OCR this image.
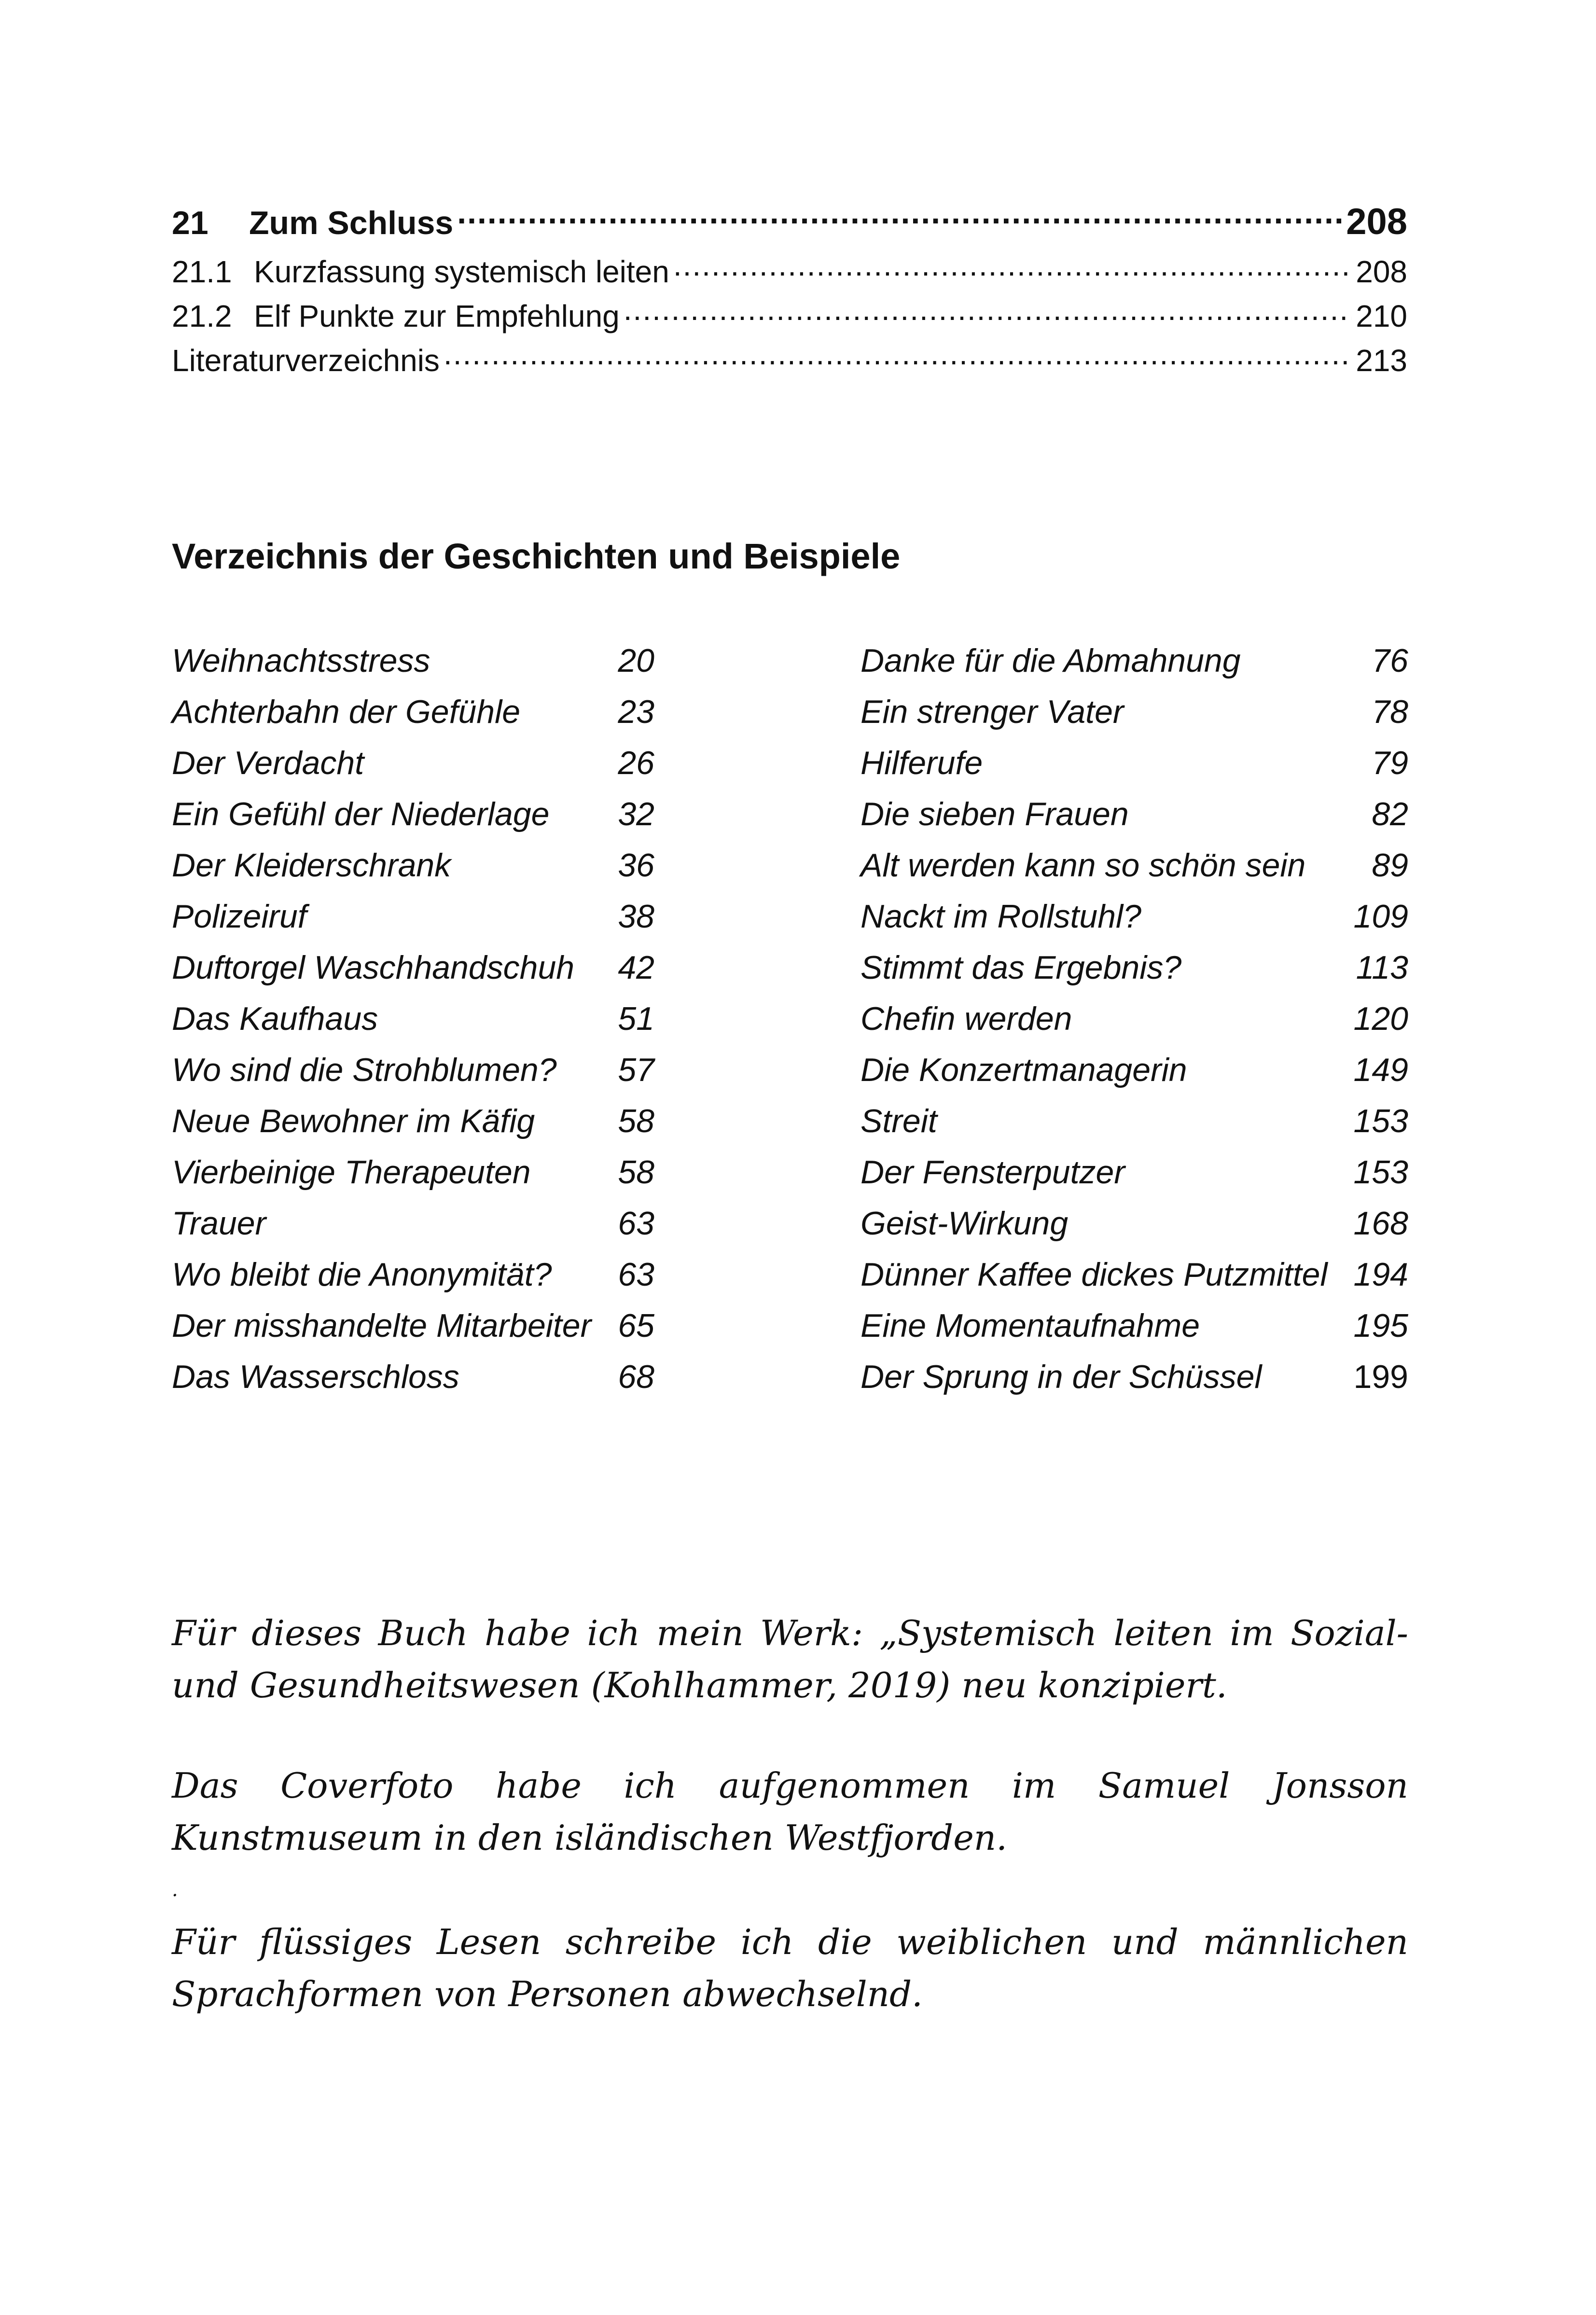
21	Zum Schluss .....	208
21.1 Kurzfassung systemisch leiten .....	208
21.2 Elf Punkte zur Empfehlung .....	210
Literaturverzeichnis .....	213
Verzeichnis der Geschichten und Beispiele
Weihnachtsstress	20
Achterbahn der Gefühle	23
Der Verdacht	26
Ein Gefühl der Niederlage 32
Der Kleiderschrank	36
Polizeiruf	38
Duftorgel Waschhandschuh 42
Das Kaufhaus	51
Wo sind die Strohblumen? 57
Neue Bewohner im Käfig	58
Vierbeinige Therapeuten	58
Trauer	63
Wo bleibt die Anonymität? 63
Der misshandelte Mitarbeiter 65
Das Wasserschloss	68
Danke für die Abmahnung	76
Ein strenger Vater	78
Hilferufe	79
Die sieben Frauen	82
Alt werden kann so schön sein 89
Nackt im Rollstuhl?	109
Stimmt das Ergebnis?	113
Chefin werden	120
Die Konzertmanagerin	149
Streit	153
Der Fensterputzer	153
Geist-Wirkung	168
Dünner Kaffee dickes Putzmittel 194
Eine Momentaufnahme	195
Der Sprung in der Schüssel	199

Für dieses Buch habe ich mein Werk: „Systemisch leiten im Sozial- und Gesundheitswesen (Kohlhammer, 2019) neu konzipiert.

Das Coverfoto habe ich aufgenommen im Samuel Jonsson Kunstmuseum in den isländischen Westfjorden.

.

Für flüssiges Lesen schreibe ich die weiblichen und männlichen Sprachformen von Personen abwechselnd.
